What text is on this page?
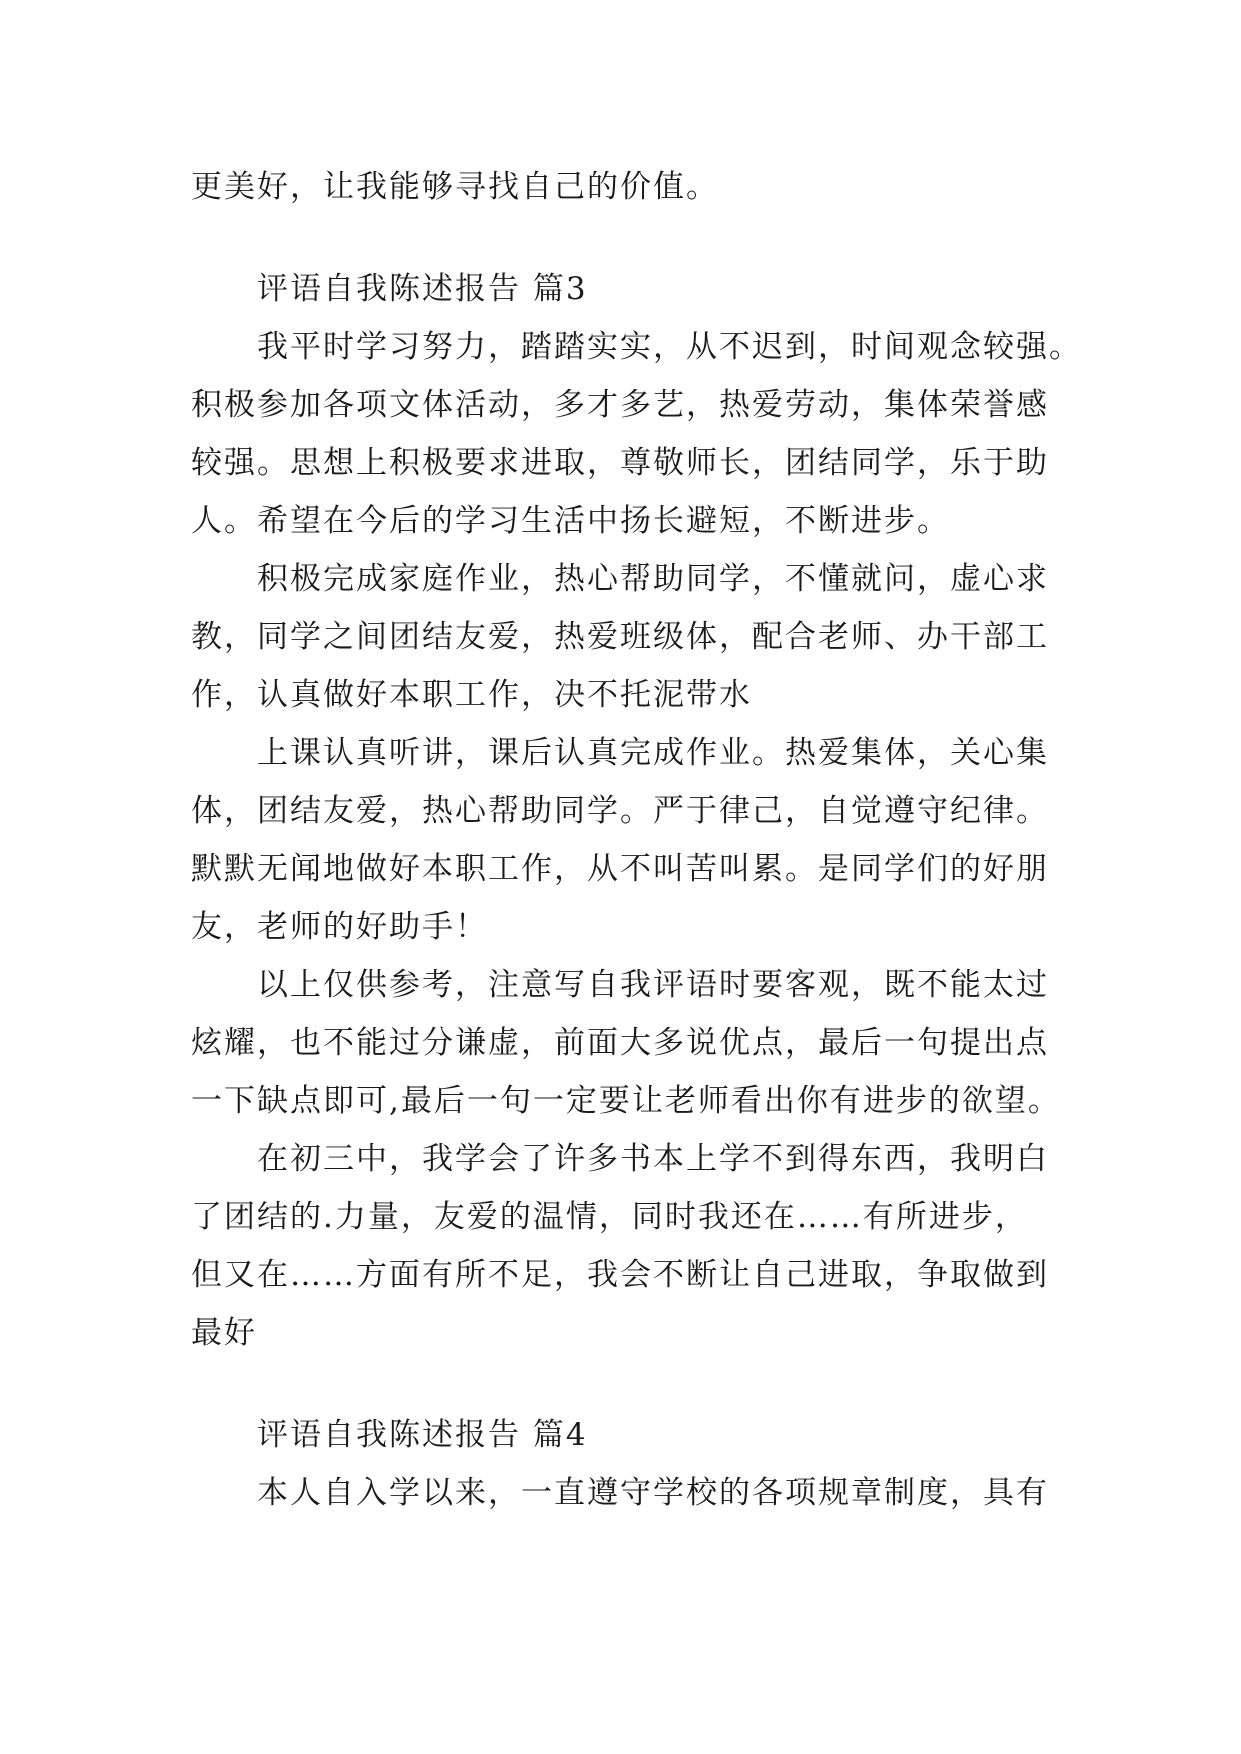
更美好，让我能够寻找自己的价值。
评语自我陈述报告 篇3
我平时学习努力，踏踏实实，从不迟到，时间观念较强。
积极参加各项文体活动，多才多艺，热爱劳动，集体荣誉感
较强。思想上积极要求进取，尊敬师长，团结同学，乐于助
人。希望在今后的学习生活中扬长避短，不断进步。
积极完成家庭作业，热心帮助同学，不懂就问，虚心求
教，同学之间团结友爱，热爱班级体，配合老师、办干部工
作，认真做好本职工作，决不托泥带水
上课认真听讲，课后认真完成作业。热爱集体，关心集
体，团结友爱，热心帮助同学。严于律己，自觉遵守纪律。
默默无闻地做好本职工作，从不叫苦叫累。是同学们的好朋
友，老师的好助手！
以上仅供参考，注意写自我评语时要客观，既不能太过
炫耀，也不能过分谦虚，前面大多说优点，最后一句提出点
一下缺点即可,最后一句一定要让老师看出你有进步的欲望。
在初三中，我学会了许多书本上学不到得东西，我明白
了团结的.力量，友爱的温情，同时我还在……有所进步，
但又在……方面有所不足，我会不断让自己进取，争取做到
最好
评语自我陈述报告 篇4
本人自入学以来，一直遵守学校的各项规章制度，具有
